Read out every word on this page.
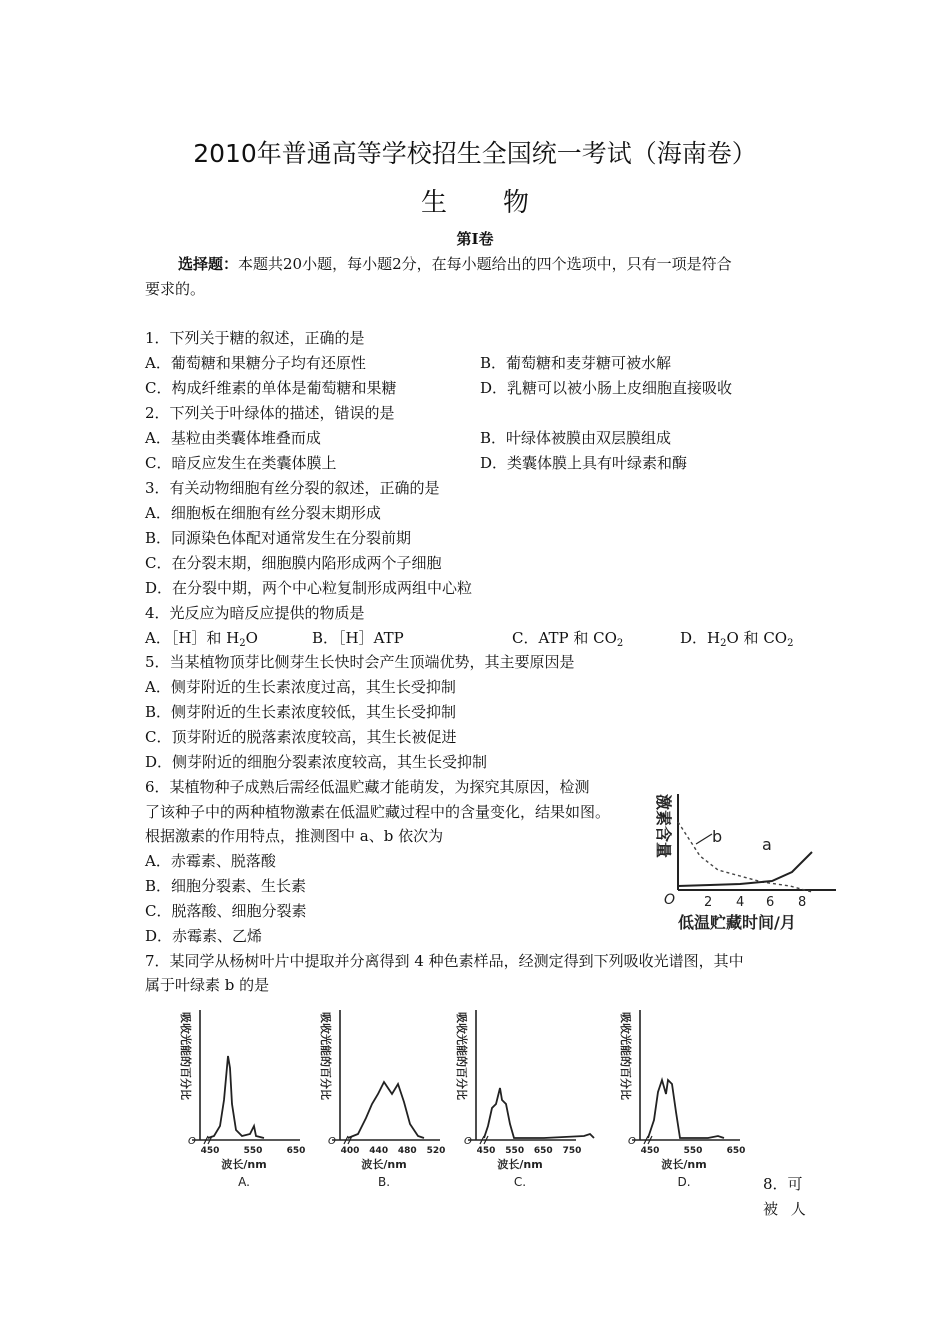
2010年普通高等学校招生全国统一考试（海南卷）
生 物
第Ⅰ卷
选择题：本题共20小题，每小题2分，在每小题给出的四个选项中，只有一项是符合
要求的。
1．下列关于糖的叙述，正确的是
A．葡萄糖和果糖分子均有还原性	B．葡萄糖和麦芽糖可被水解
C．构成纤维素的单体是葡萄糖和果糖	D．乳糖可以被小肠上皮细胞直接吸收
2．下列关于叶绿体的描述，错误的是
A．基粒由类囊体堆叠而成	B．叶绿体被膜由双层膜组成
C．暗反应发生在类囊体膜上	D．类囊体膜上具有叶绿素和酶
3．有关动物细胞有丝分裂的叙述，正确的是
A．细胞板在细胞有丝分裂末期形成
B．同源染色体配对通常发生在分裂前期
C．在分裂末期，细胞膜内陷形成两个子细胞
D．在分裂中期，两个中心粒复制形成两组中心粒
4．光反应为暗反应提供的物质是
A．［H］和 $H_2O$	B．［H］ATP	C．ATP 和 $CO_2$	D．$H_2O$ 和 $CO_2$
5．当某植物顶芽比侧芽生长快时会产生顶端优势，其主要原因是
A．侧芽附近的生长素浓度过高，其生长受抑制
B．侧芽附近的生长素浓度较低，其生长受抑制
C．顶芽附近的脱落素浓度较高，其生长被促进
D．侧芽附近的细胞分裂素浓度较高，其生长受抑制
6．某植物种子成熟后需经低温贮藏才能萌发，为探究其原因，检测
了该种子中的两种植物激素在低温贮藏过程中的含量变化，结果如图。
根据激素的作用特点，推测图中 a、b 依次为
A．赤霉素、脱落酸
B．细胞分裂素、生长素
C．脱落酸、细胞分裂素
D．赤霉素、乙烯
激素含量 b a
O 2 4 6 8
低温贮藏时间/月
7．某同学从杨树叶片中提取并分离得到 4 种色素样品，经测定得到下列吸收光谱图，其中
属于叶绿素 b 的是
吸收光能的百分比
O
450	550	650
波长/nm
A.
吸收光能的百分比
O
400 440 480 520
波长/nm
B.
吸收光能的百分比
O
450 550 650 750
波长/nm
C.
吸收光能的百分比
O
450	550	650
波长/nm
D.	8．可
被 人
